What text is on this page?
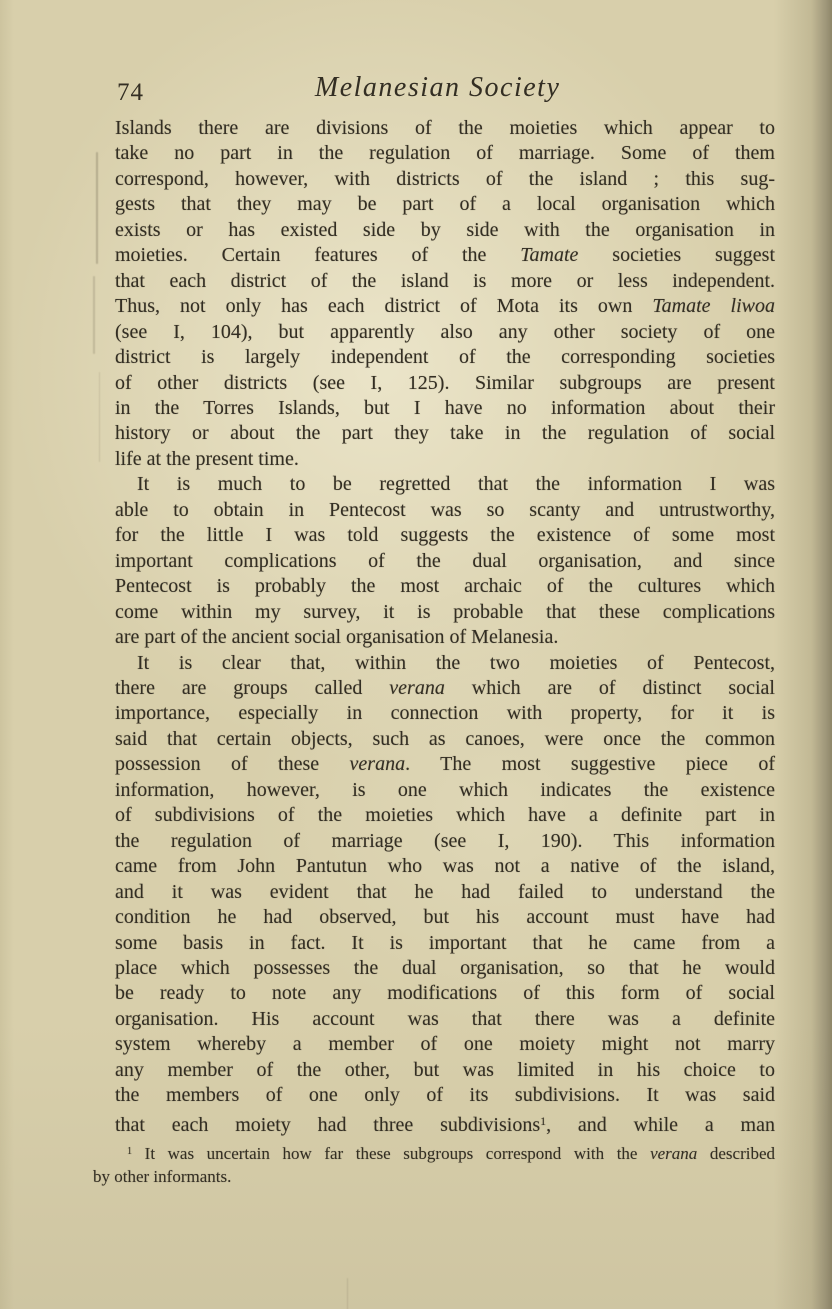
74	Melanesian Society
Islands there are divisions of the moieties which appear to
take no part in the regulation of marriage. Some of them
correspond, however, with districts of the island ; this sug-
gests that they may be part of a local organisation which
exists or has existed side by side with the organisation in
moieties. Certain features of the Tamate societies suggest
that each district of the island is more or less independent.
Thus, not only has each district of Mota its own Tamate liwoa
(see I, 104), but apparently also any other society of one
district is largely independent of the corresponding societies
of other districts (see I, 125). Similar subgroups are present
in the Torres Islands, but I have no information about their
history or about the part they take in the regulation of social
life at the present time.
It is much to be regretted that the information I was
able to obtain in Pentecost was so scanty and untrustworthy,
for the little I was told suggests the existence of some most
important complications of the dual organisation, and since
Pentecost is probably the most archaic of the cultures which
come within my survey, it is probable that these complications
are part of the ancient social organisation of Melanesia.
It is clear that, within the two moieties of Pentecost,
there are groups called verana which are of distinct social
importance, especially in connection with property, for it is
said that certain objects, such as canoes, were once the common
possession of these verana. The most suggestive piece of
information, however, is one which indicates the existence
of subdivisions of the moieties which have a definite part in
the regulation of marriage (see I, 190). This information
came from John Pantutun who was not a native of the island,
and it was evident that he had failed to understand the
condition he had observed, but his account must have had
some basis in fact. It is important that he came from a
place which possesses the dual organisation, so that he would
be ready to note any modifications of this form of social
organisation. His account was that there was a definite
system whereby a member of one moiety might not marry
any member of the other, but was limited in his choice to
the members of one only of its subdivisions. It was said
that each moiety had three subdivisions$^1$, and while a man
$^1$ It was uncertain how far these subgroups correspond with the verana described
by other informants.
